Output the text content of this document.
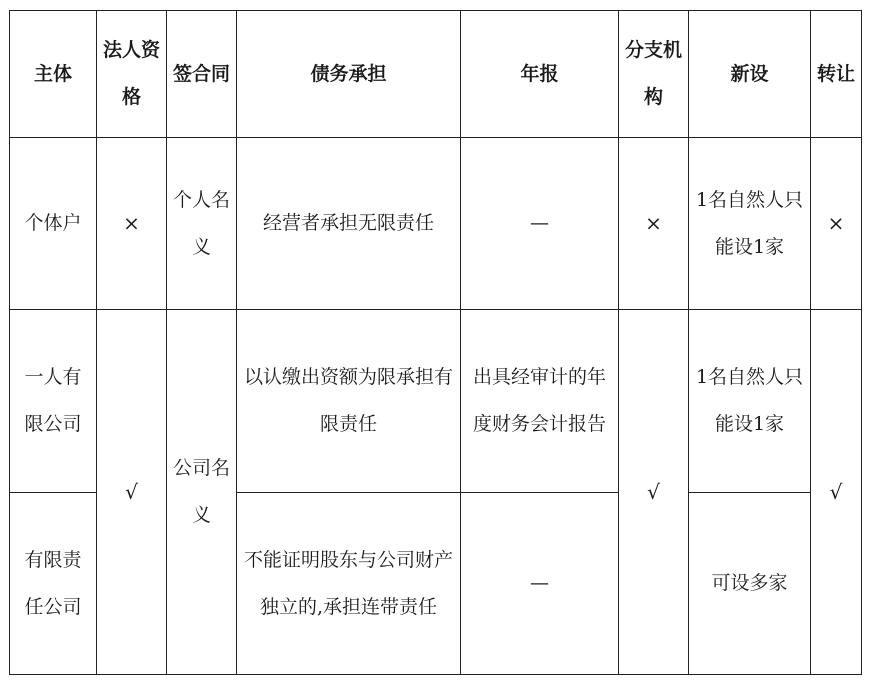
主体	法人资格	签合同	债务承担	年报	分支机构	新设	转让
个体户	×	个人名义	经营者承担无限责任	—	×	1名自然人只能设1家	×
一人有限公司	√	公司名义	以认缴出资额为限承担有限责任	出具经审计的年度财务会计报告	√	1名自然人只能设1家	√
有限责任公司			不能证明股东与公司财产独立的,承担连带责任	—		可设多家	
